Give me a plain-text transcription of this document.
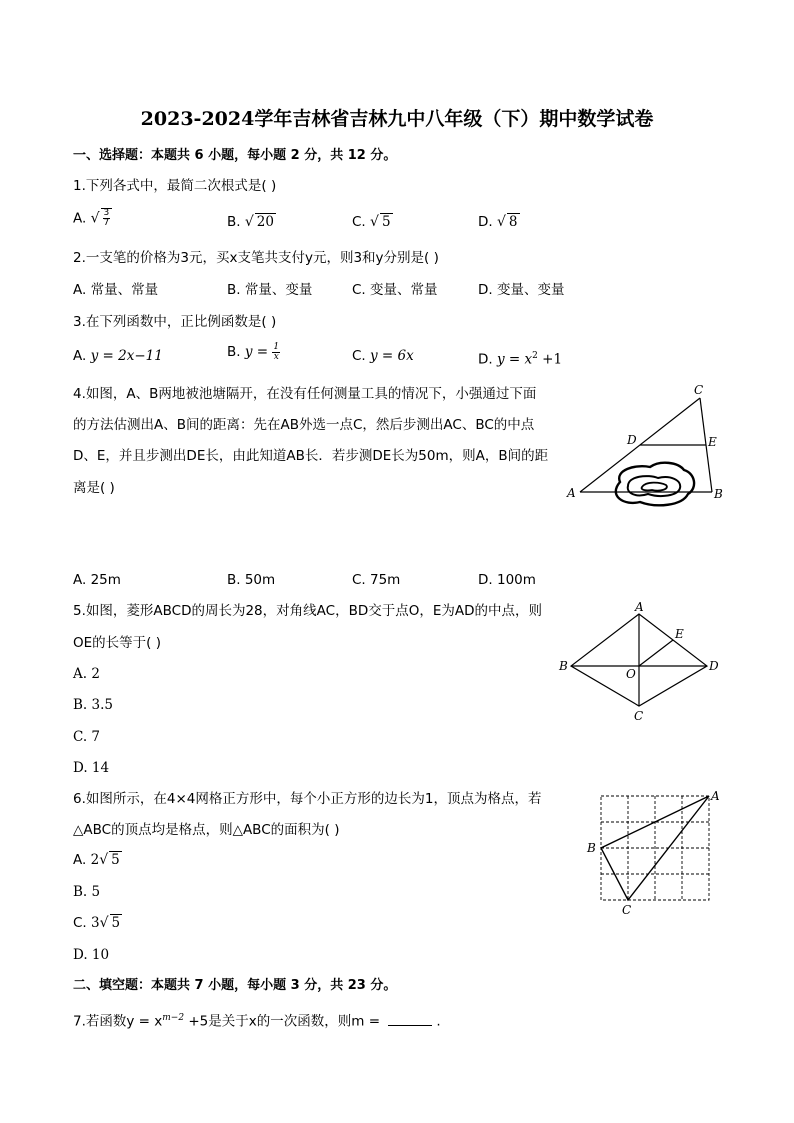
2023-2024学年吉林省吉林九中八年级（下）期中数学试卷
一、选择题：本题共 6 小题，每小题 2 分，共 12 分。
1.下列各式中，最简二次根式是( )
A. √ $\frac{3}{7}$	B. √ 20	C. √ 5	D. √ 8
2.一支笔的价格为3元，买x支笔共支付y元，则3和y分别是( )
A. 常量、常量	B. 常量、变量	C. 变量、常量	D. 变量、变量
3.在下列函数中，正比例函数是( )
A. y = 2x−11	B. $y = \frac{1}{x}$	C. y = 6x	D. $y = x^2 +1$
4.如图，A、B两地被池塘隔开，在没有任何测量工具的情况下，小强通过下面
的方法估测出A、B间的距离：先在AB外选一点C，然后步测出AC、BC的中点
D、E，并且步测出DE长，由此知道AB长．若步测DE长为50m，则A，B间的距
离是( )
A. 25m	B. 50m	C. 75m	D. 100m
A	B
C
D	E
5.如图，菱形ABCD的周长为28，对角线AC，BD交于点O，E为AD的中点，则
OE的长等于( )
A. 2
B. 3.5
C. 7
D. 14
A
B
C
D
E
O
6.如图所示，在4×4网格正方形中，每个小正方形的边长为1，顶点为格点，若
△ABC的顶点均是格点，则△ABC的面积为( )
A. 2√ 5
B. 5
C. 3√ 5
D. 10
A
B
C
二、填空题：本题共 7 小题，每小题 3 分，共 23 分。
7.若函数$y = x^{m-2} +5$是关于x的一次函数，则m =	.
